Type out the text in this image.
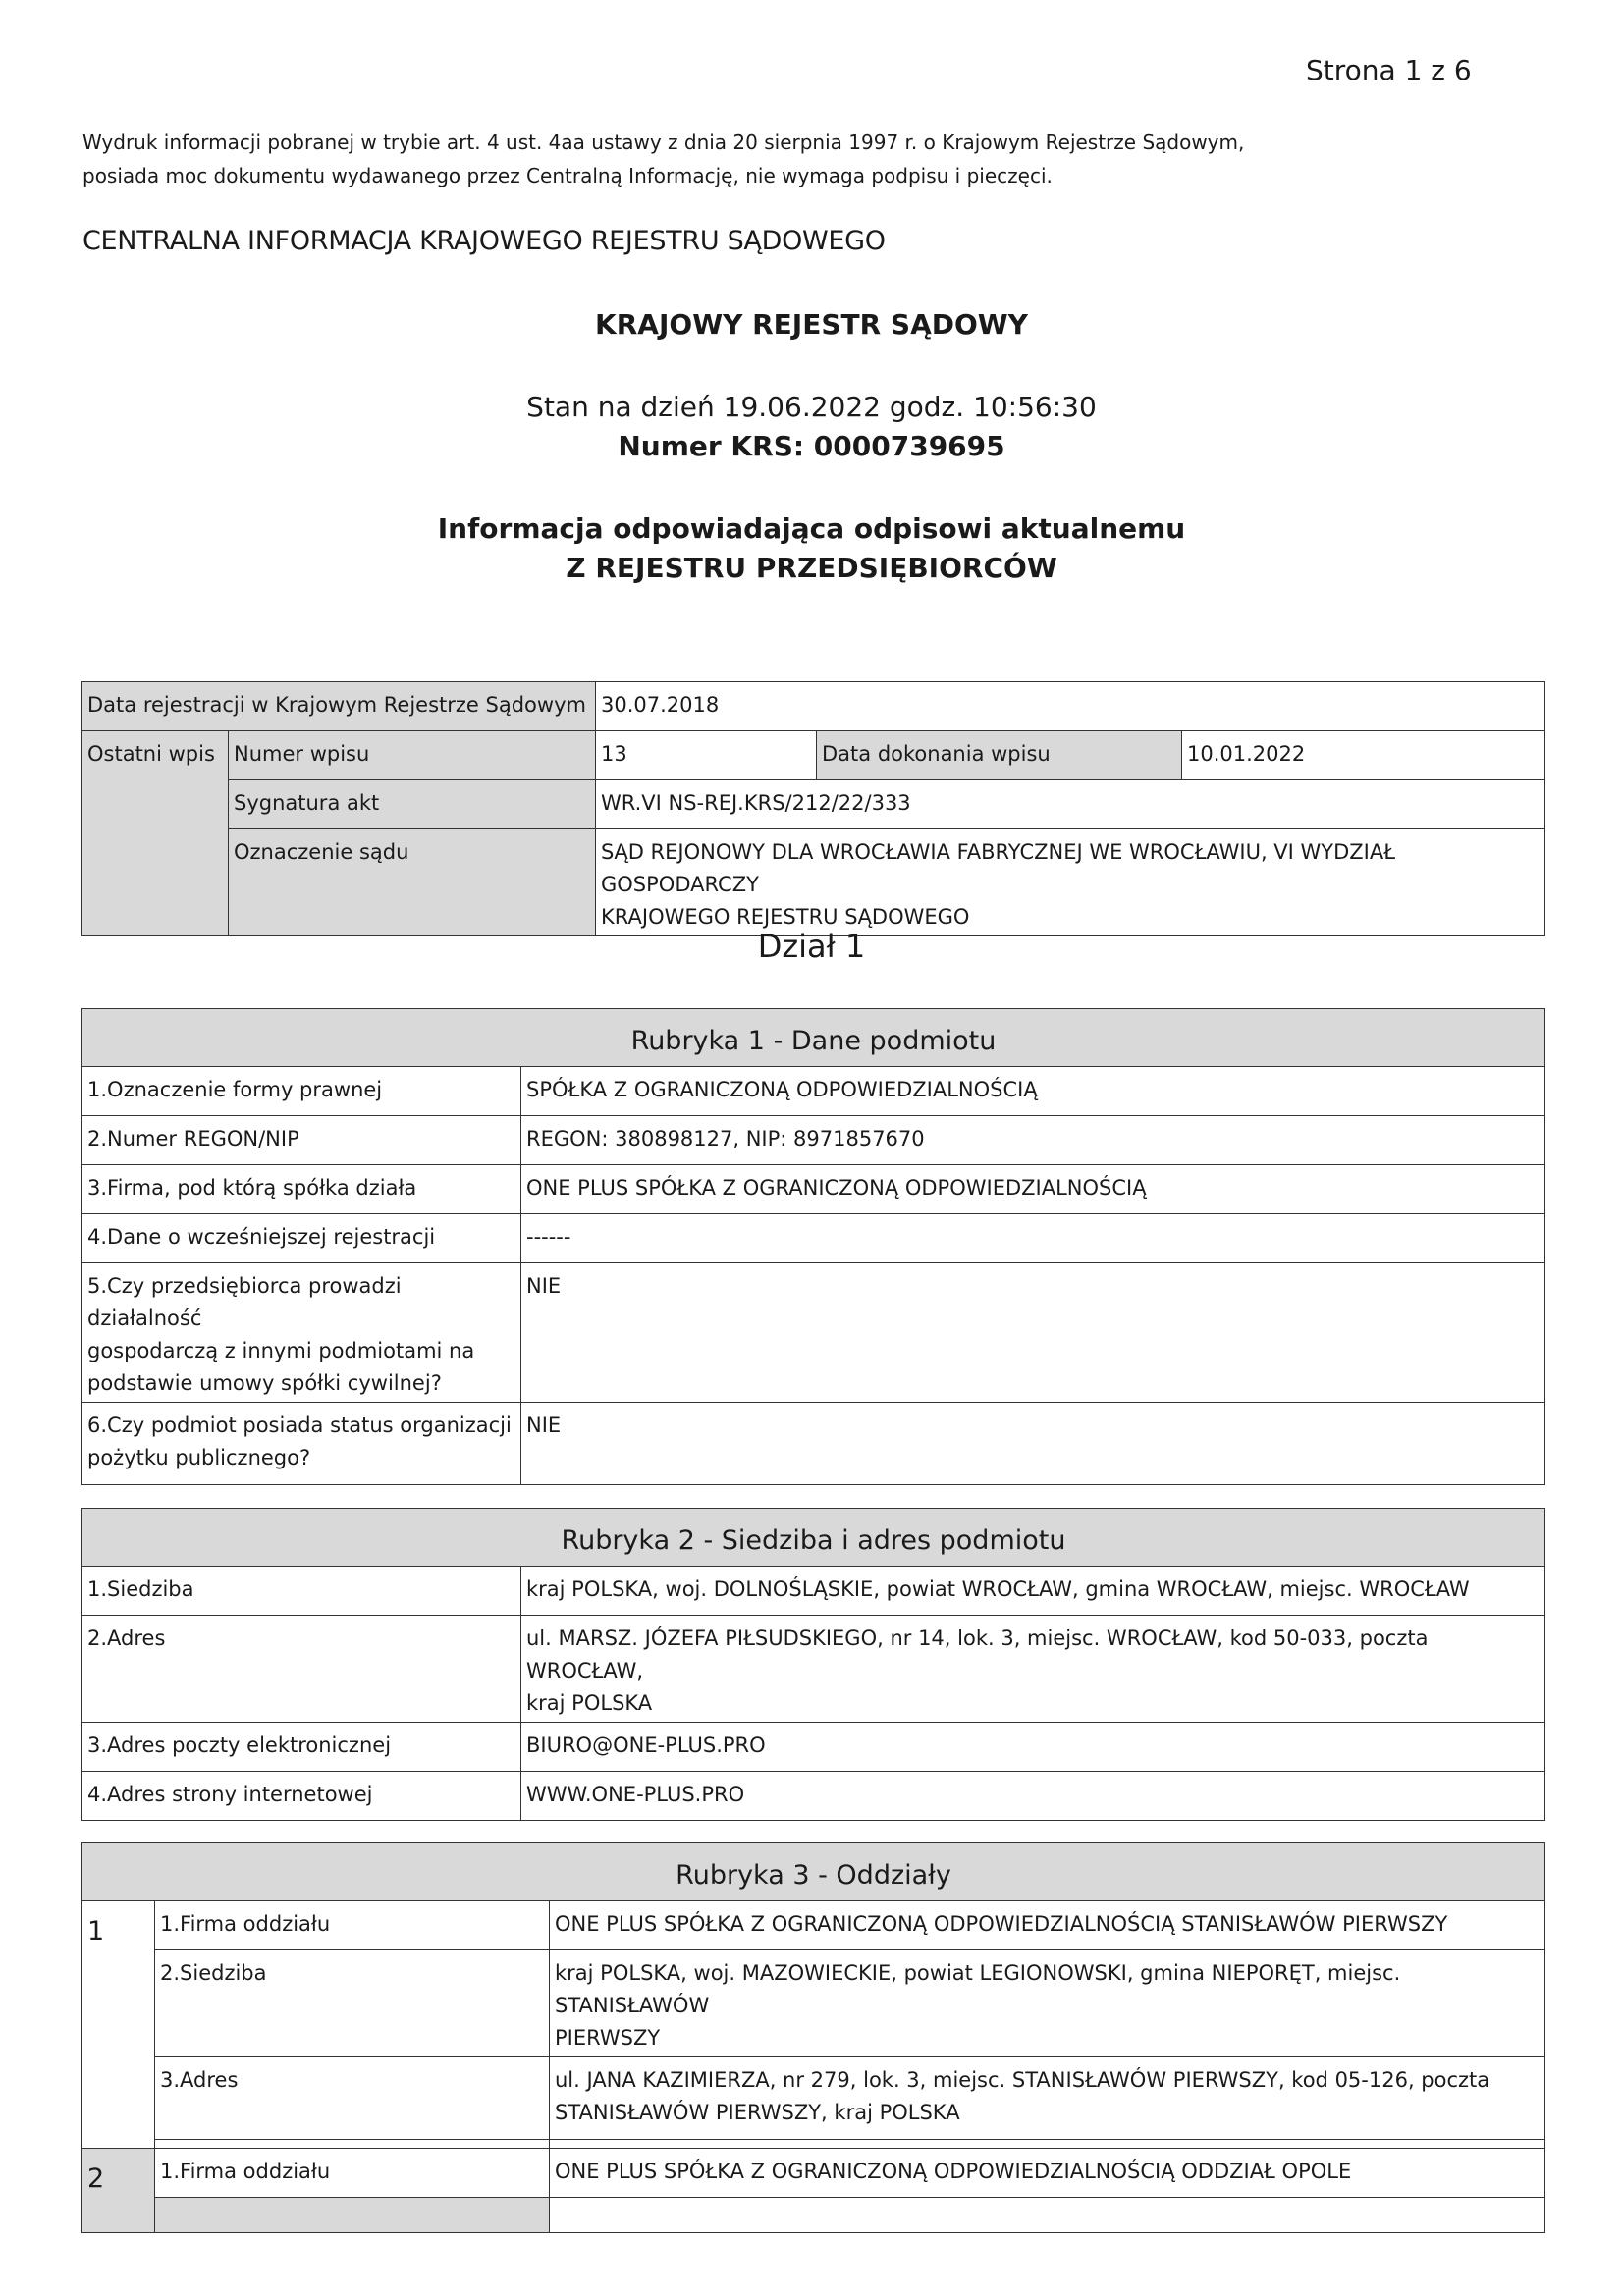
Strona 1 z 6
Wydruk informacji pobranej w trybie art. 4 ust. 4aa ustawy z dnia 20 sierpnia 1997 r. o Krajowym Rejestrze Sądowym,
posiada moc dokumentu wydawanego przez Centralną Informację, nie wymaga podpisu i pieczęci.
CENTRALNA INFORMACJA KRAJOWEGO REJESTRU SĄDOWEGO
KRAJOWY REJESTR SĄDOWY
Stan na dzień 19.06.2022 godz. 10:56:30
Numer KRS: 0000739695
Informacja odpowiadająca odpisowi aktualnemu
Z REJESTRU PRZEDSIĘBIORCÓW
Data rejestracji w Krajowym Rejestrze Sądowym		30.07.2018		
Ostatni wpis	Numer wpisu	13	Data dokonania wpisu	10.01.2022
	Sygnatura akt	WR.VI NS-REJ.KRS/212/22/333		
	Oznaczenie sądu	SĄD REJONOWY DLA WROCŁAWIA FABRYCZNEJ WE WROCŁAWIU, VI WYDZIAŁ GOSPODARCZY
KRAJOWEGO REJESTRU SĄDOWEGO		
Dział 1
Rubryka 1 - Dane podmiotu	
1.Oznaczenie formy prawnej	SPÓŁKA Z OGRANICZONĄ ODPOWIEDZIALNOŚCIĄ
2.Numer REGON/NIP	REGON: 380898127, NIP: 8971857670
3.Firma, pod którą spółka działa	ONE PLUS SPÓŁKA Z OGRANICZONĄ ODPOWIEDZIALNOŚCIĄ
4.Dane o wcześniejszej rejestracji	------

5.Czy przedsiębiorca prowadzi działalność
gospodarczą z innymi podmiotami na
podstawie umowy spółki cywilnej?	NIE

6.Czy podmiot posiada status organizacji
pożytku publicznego?	NIE
Rubryka 2 - Siedziba i adres podmiotu	
1.Siedziba	kraj POLSKA, woj. DOLNOŚLĄSKIE, powiat WROCŁAW, gmina WROCŁAW, miejsc. WROCŁAW
2.Adres	ul. MARSZ. JÓZEFA PIŁSUDSKIEGO, nr 14, lok. 3, miejsc. WROCŁAW, kod 50-033, poczta WROCŁAW,
kraj POLSKA

3.Adres poczty elektronicznej	BIURO@ONE-PLUS.PRO
4.Adres strony internetowej	WWW.ONE-PLUS.PRO
Rubryka 3 - Oddziały		
1	1.Firma oddziału	ONE PLUS SPÓŁKA Z OGRANICZONĄ ODPOWIEDZIALNOŚCIĄ STANISŁAWÓW PIERWSZY
	2.Siedziba	kraj POLSKA, woj. MAZOWIECKIE, powiat LEGIONOWSKI, gmina NIEPORĘT, miejsc. STANISŁAWÓW
PIERWSZY

	3.Adres	ul. JANA KAZIMIERZA, nr 279, lok. 3, miejsc. STANISŁAWÓW PIERWSZY, kod 05-126, poczta
STANISŁAWÓW PIERWSZY, kraj POLSKA

2	1.Firma oddziału	ONE PLUS SPÓŁKA Z OGRANICZONĄ ODPOWIEDZIALNOŚCIĄ ODDZIAŁ OPOLE
